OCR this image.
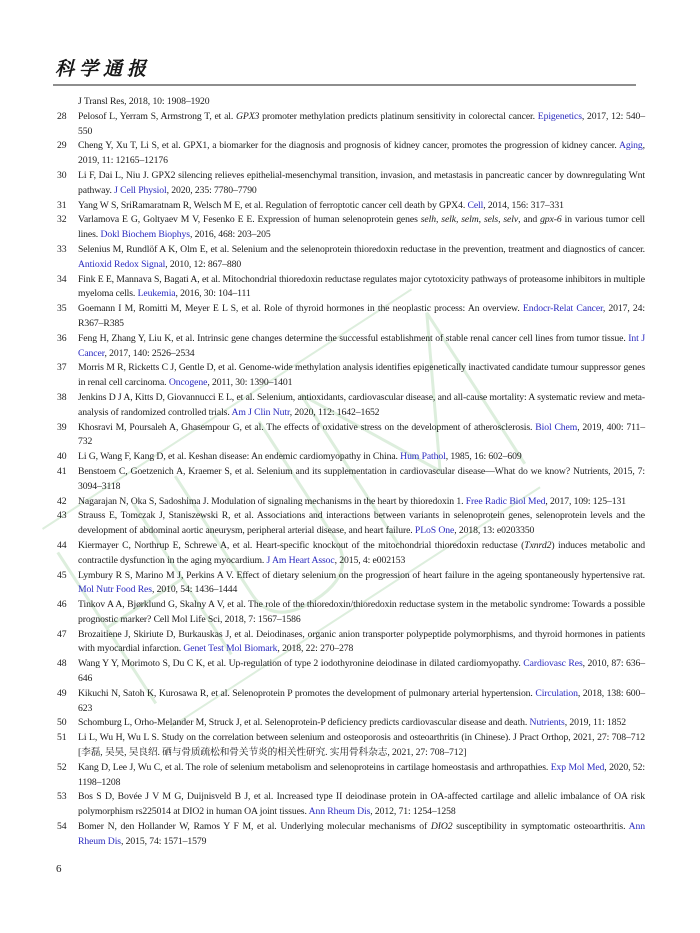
科学通报
J Transl Res, 2018, 10: 1908–1920
28 Pelosof L, Yerram S, Armstrong T, et al. GPX3 promoter methylation predicts platinum sensitivity in colorectal cancer. Epigenetics, 2017, 12: 540–550
29 Cheng Y, Xu T, Li S, et al. GPX1, a biomarker for the diagnosis and prognosis of kidney cancer, promotes the progression of kidney cancer. Aging, 2019, 11: 12165–12176
30 Li F, Dai L, Niu J. GPX2 silencing relieves epithelial-mesenchymal transition, invasion, and metastasis in pancreatic cancer by downregulating Wnt pathway. J Cell Physiol, 2020, 235: 7780–7790
31 Yang W S, SriRamaratnam R, Welsch M E, et al. Regulation of ferroptotic cancer cell death by GPX4. Cell, 2014, 156: 317–331
32 Varlamova E G, Goltyaev M V, Fesenko E E. Expression of human selenoprotein genes selh, selk, selm, sels, selv, and gpx-6 in various tumor cell lines. Dokl Biochem Biophys, 2016, 468: 203–205
33 Selenius M, Rundlöf A K, Olm E, et al. Selenium and the selenoprotein thioredoxin reductase in the prevention, treatment and diagnostics of cancer. Antioxid Redox Signal, 2010, 12: 867–880
34 Fink E E, Mannava S, Bagati A, et al. Mitochondrial thioredoxin reductase regulates major cytotoxicity pathways of proteasome inhibitors in multiple myeloma cells. Leukemia, 2016, 30: 104–111
35 Goemann I M, Romitti M, Meyer E L S, et al. Role of thyroid hormones in the neoplastic process: An overview. Endocr-Relat Cancer, 2017, 24: R367–R385
36 Feng H, Zhang Y, Liu K, et al. Intrinsic gene changes determine the successful establishment of stable renal cancer cell lines from tumor tissue. Int J Cancer, 2017, 140: 2526–2534
37 Morris M R, Ricketts C J, Gentle D, et al. Genome-wide methylation analysis identifies epigenetically inactivated candidate tumour suppressor genes in renal cell carcinoma. Oncogene, 2011, 30: 1390–1401
38 Jenkins D J A, Kitts D, Giovannucci E L, et al. Selenium, antioxidants, cardiovascular disease, and all-cause mortality: A systematic review and meta-analysis of randomized controlled trials. Am J Clin Nutr, 2020, 112: 1642–1652
39 Khosravi M, Poursaleh A, Ghasempour G, et al. The effects of oxidative stress on the development of atherosclerosis. Biol Chem, 2019, 400: 711–732
40 Li G, Wang F, Kang D, et al. Keshan disease: An endemic cardiomyopathy in China. Hum Pathol, 1985, 16: 602–609
41 Benstoem C, Goetzenich A, Kraemer S, et al. Selenium and its supplementation in cardiovascular disease—What do we know? Nutrients, 2015, 7: 3094–3118
42 Nagarajan N, Oka S, Sadoshima J. Modulation of signaling mechanisms in the heart by thioredoxin 1. Free Radic Biol Med, 2017, 109: 125–131
43 Strauss E, Tomczak J, Staniszewski R, et al. Associations and interactions between variants in selenoprotein genes, selenoprotein levels and the development of abdominal aortic aneurysm, peripheral arterial disease, and heart failure. PLoS One, 2018, 13: e0203350
44 Kiermayer C, Northrup E, Schrewe A, et al. Heart-specific knockout of the mitochondrial thioredoxin reductase (Txnrd2) induces metabolic and contractile dysfunction in the aging myocardium. J Am Heart Assoc, 2015, 4: e002153
45 Lymbury R S, Marino M J, Perkins A V. Effect of dietary selenium on the progression of heart failure in the ageing spontaneously hypertensive rat. Mol Nutr Food Res, 2010, 54: 1436–1444
46 Tinkov A A, Bjørklund G, Skalny A V, et al. The role of the thioredoxin/thioredoxin reductase system in the metabolic syndrome: Towards a possible prognostic marker? Cell Mol Life Sci, 2018, 7: 1567–1586
47 Brozaitiene J, Skiriute D, Burkauskas J, et al. Deiodinases, organic anion transporter polypeptide polymorphisms, and thyroid hormones in patients with myocardial infarction. Genet Test Mol Biomark, 2018, 22: 270–278
48 Wang Y Y, Morimoto S, Du C K, et al. Up-regulation of type 2 iodothyronine deiodinase in dilated cardiomyopathy. Cardiovasc Res, 2010, 87: 636–646
49 Kikuchi N, Satoh K, Kurosawa R, et al. Selenoprotein P promotes the development of pulmonary arterial hypertension. Circulation, 2018, 138: 600–623
50 Schomburg L, Orho-Melander M, Struck J, et al. Selenoprotein-P deficiency predicts cardiovascular disease and death. Nutrients, 2019, 11: 1852
51 Li L, Wu H, Wu L S. Study on the correlation between selenium and osteoporosis and osteoarthritis (in Chinese). J Pract Orthop, 2021, 27: 708–712 [李磊, 吴昊, 吴良绍. 硒与骨质疏松和骨关节炎的相关性研究. 实用骨科杂志, 2021, 27: 708–712]
52 Kang D, Lee J, Wu C, et al. The role of selenium metabolism and selenoproteins in cartilage homeostasis and arthropathies. Exp Mol Med, 2020, 52: 1198–1208
53 Bos S D, Bovée J V M G, Duijnisveld B J, et al. Increased type II deiodinase protein in OA-affected cartilage and allelic imbalance of OA risk polymorphism rs225014 at DIO2 in human OA joint tissues. Ann Rheum Dis, 2012, 71: 1254–1258
54 Bomer N, den Hollander W, Ramos Y F M, et al. Underlying molecular mechanisms of DIO2 susceptibility in symptomatic osteoarthritis. Ann Rheum Dis, 2015, 74: 1571–1579
6
